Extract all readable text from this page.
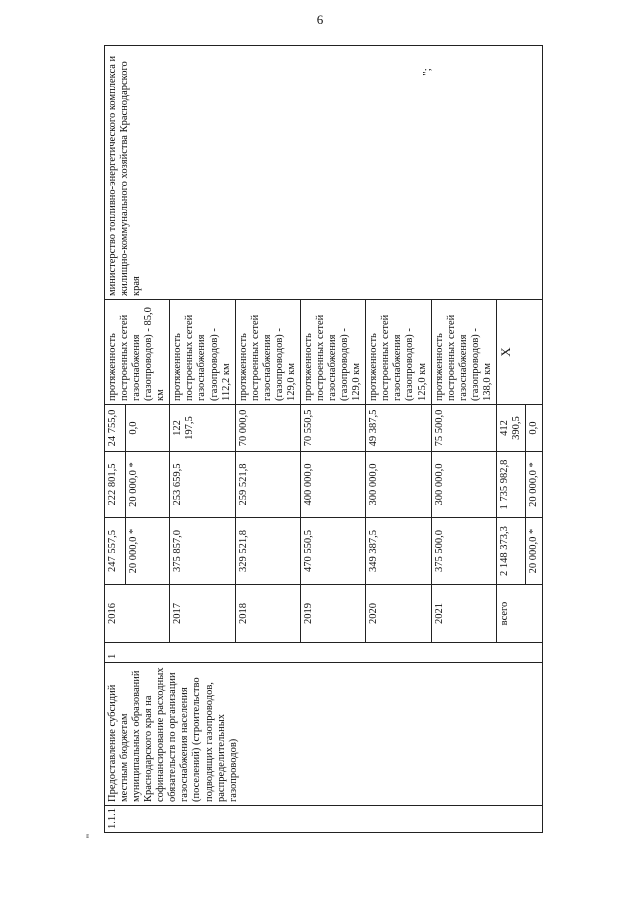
6
";
"
1.1.1	Предоставление субсидий местным бюджетам муниципальных образований Краснодарского края на софинансирование расходных обязательств по организации газоснабжения населения (поселений) (строительство подводящих газопроводов, распределительных газопроводов)	1	2016	247 557,5	222 801,5	24 755,0	протяженность построенных сетей газоснабжения (газопроводов) - 85,0 км	министерство топливно-энергетического комплекса и жилищно-коммунального хозяйства Краснодарского края
				20 000,0 *	20 000,0 *	0,0		
			2017	375 857,0	253 659,5	122 197,5	протяженность построенных сетей газоснабжения (газопроводов) - 112,2 км	
			2018	329 521,8	259 521,8	70 000,0	протяженность построенных сетей газоснабжения (газопроводов) - 129,0 км	
			2019	470 550,5	400 000,0	70 550,5	протяженность построенных сетей газоснабжения (газопроводов) - 129,0 км	
			2020	349 387,5	300 000,0	49 387,5	протяженность построенных сетей газоснабжения (газопроводов) - 125,0 км	
			2021	375 500,0	300 000,0	75 500,0	протяженность построенных сетей газоснабжения (газопроводов) - 138,0 км	
			всего	2 148 373,3	1 735 982,8	412 390,5	X	
				20 000,0 *	20 000,0 *	0,0		
